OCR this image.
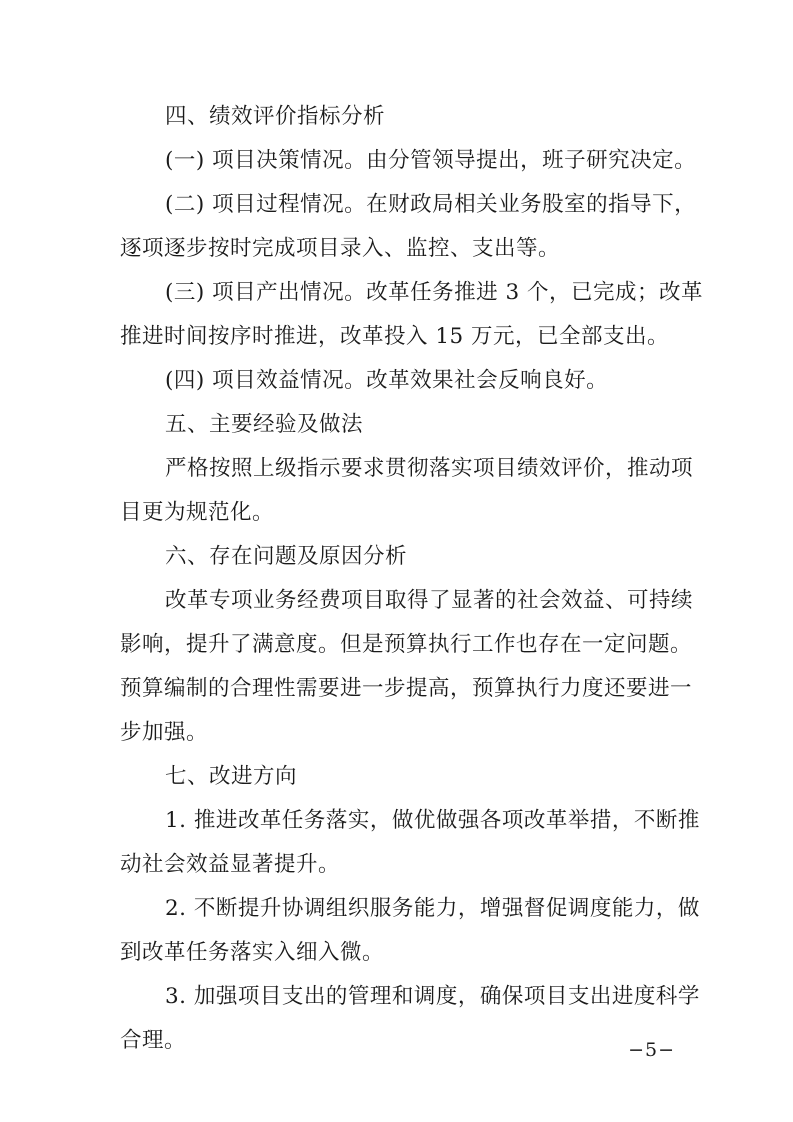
四、绩效评价指标分析
(一) 项目决策情况。由分管领导提出，班子研究决定。
(二) 项目过程情况。在财政局相关业务股室的指导下，
逐项逐步按时完成项目录入、监控、支出等。
(三) 项目产出情况。改革任务推进 3 个，已完成；改革
推进时间按序时推进，改革投入 15 万元，已全部支出。
(四) 项目效益情况。改革效果社会反响良好。
五、主要经验及做法
严格按照上级指示要求贯彻落实项目绩效评价，推动项
目更为规范化。
六、存在问题及原因分析
改革专项业务经费项目取得了显著的社会效益、可持续
影响，提升了满意度。但是预算执行工作也存在一定问题。
预算编制的合理性需要进一步提高，预算执行力度还要进一
步加强。
七、改进方向
1. 推进改革任务落实，做优做强各项改革举措，不断推
动社会效益显著提升。
2. 不断提升协调组织服务能力，增强督促调度能力，做
到改革任务落实入细入微。
3. 加强项目支出的管理和调度，确保项目支出进度科学
合理。	−5−
